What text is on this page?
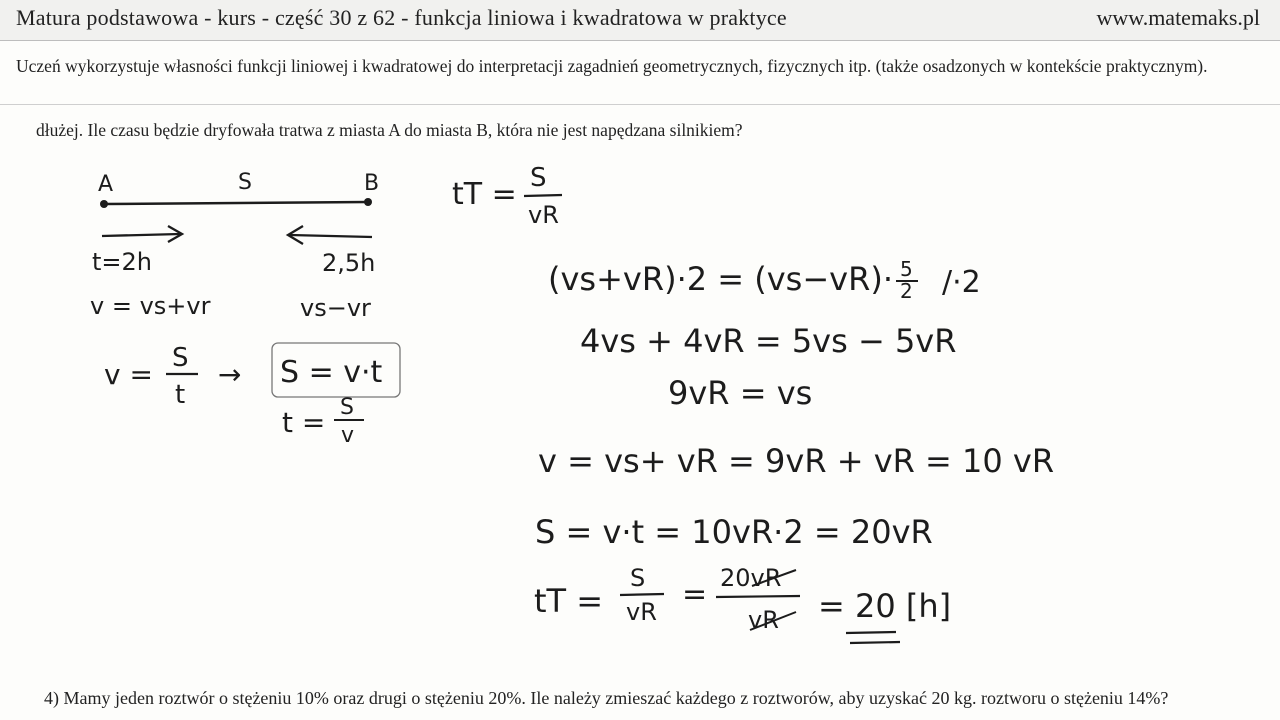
Matura podstawowa - kurs - część 30 z 62 - funkcja liniowa i kwadratowa w praktyce	www.matemaks.pl

Uczeń wykorzystuje własności funkcji liniowej i kwadratowej do interpretacji zagadnień geometrycznych, fizycznych itp. (także osadzonych w kontekście praktycznym).

dłużej. Ile czasu będzie dryfowała tratwa z miasta A do miasta B, która nie jest napędzana silnikiem?
A	S	B
t=2h	2,5h
v = vs+vr	vs−vr
v = S
t
→ S = v·t
t = S
v
tT = S
vR
(vs+vR)·2 = (vs−vR)· 5
2 /·2
4vs + 4vR = 5vs − 5vR
9vR = vs
v = vs+ vR = 9vR + vR = 10 vR
S = v·t = 10vR·2 = 20vR
tT =
S
vR = 20vR
vR = 20 [h]
4) Mamy jeden roztwór o stężeniu 10% oraz drugi o stężeniu 20%. Ile należy zmieszać każdego z roztworów, aby uzyskać 20 kg. roztworu o stężeniu 14%?
